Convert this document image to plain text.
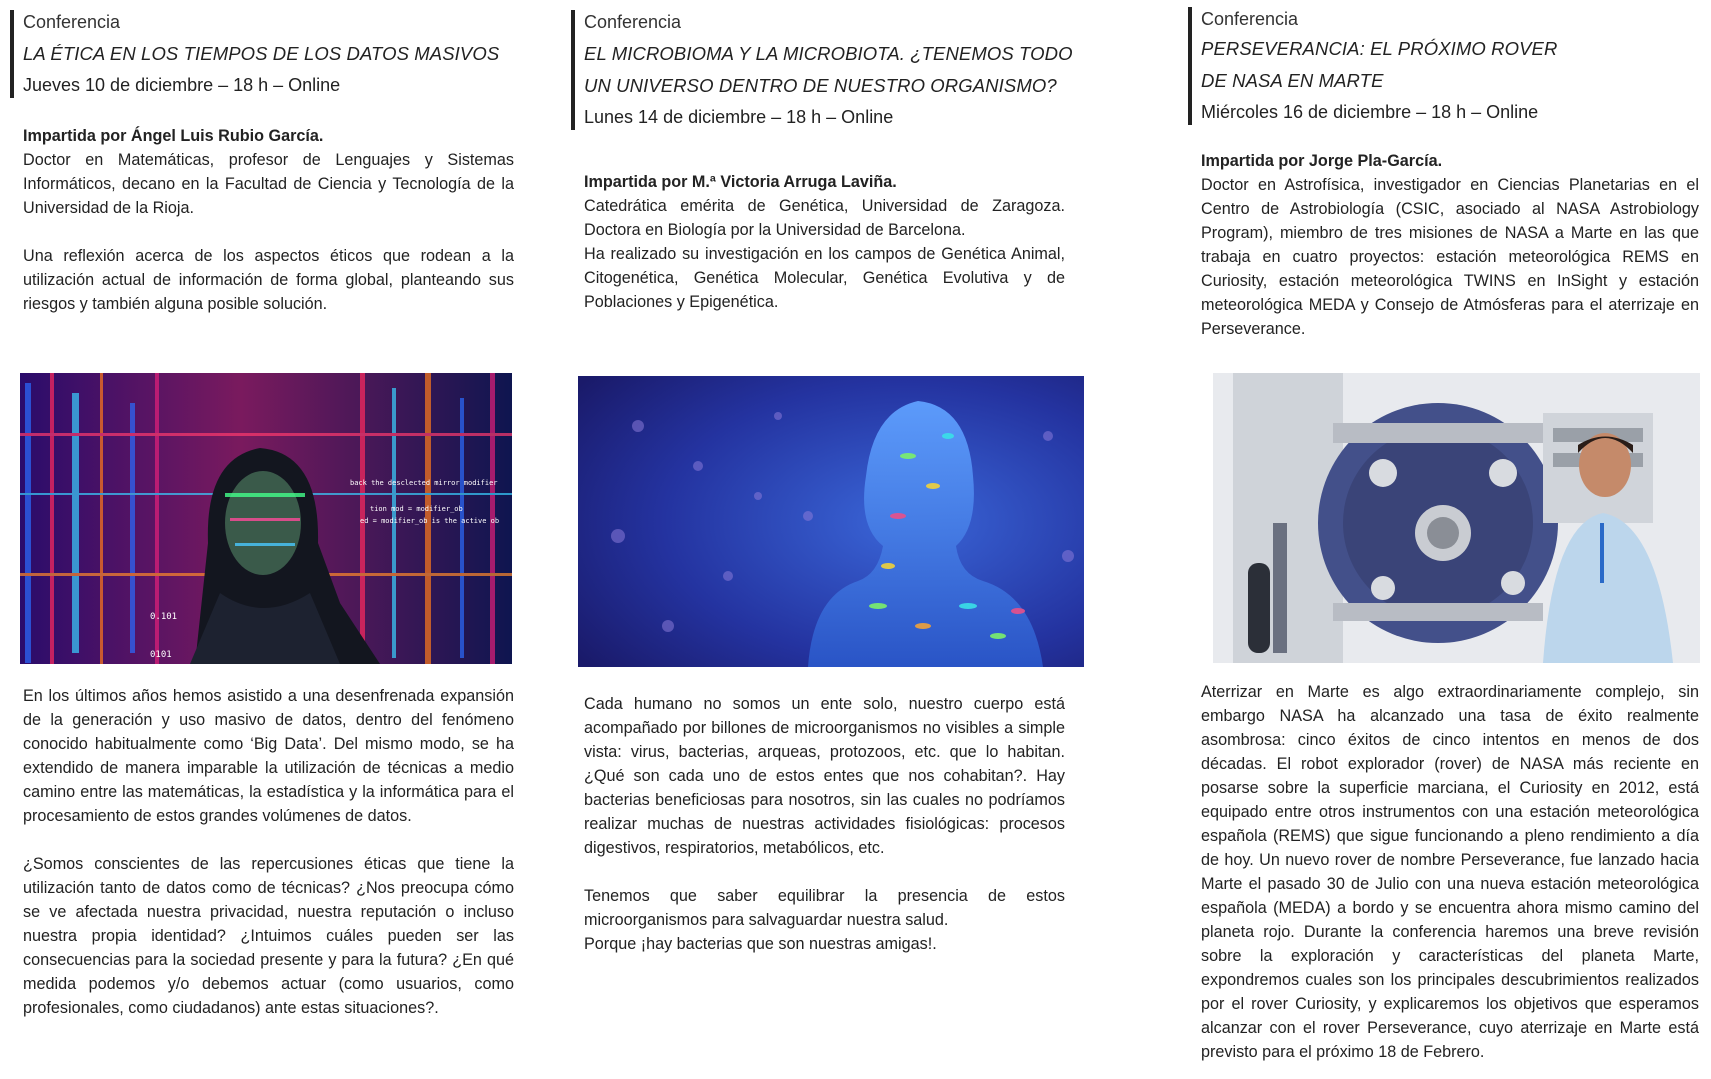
Conferencia
LA ÉTICA EN LOS TIEMPOS DE LOS DATOS MASIVOS
Jueves 10 de diciembre – 18 h – Online

Impartida por Ángel Luis Rubio García.

Doctor en Matemáticas, profesor de Lenguajes y Sistemas Informáticos, decano en la Facultad de Ciencia y Tecnología de la Universidad de la Rioja.

Una reflexión acerca de los aspectos éticos que rodean a la utilización actual de información de forma global, planteando sus riesgos y también alguna posible solución.

En los últimos años hemos asistido a una desenfrenada expansión de la generación y uso masivo de datos, dentro del fenómeno conocido habitualmente como ‘Big Data’. Del mismo modo, se ha extendido de manera imparable la utilización de técnicas a medio camino entre las matemáticas, la estadística y la informática para el procesamiento de estos grandes volúmenes de datos.

¿Somos conscientes de las repercusiones éticas que tiene la utilización tanto de datos como de técnicas? ¿Nos preocupa cómo se ve afectada nuestra privacidad, nuestra reputación o incluso nuestra propia identidad? ¿Intuimos cuáles pueden ser las consecuencias para la sociedad presente y para la futura? ¿En qué medida podemos y/o debemos actuar (como usuarios, como profesionales, como ciudadanos) ante estas situaciones?.

back the desclected mirror modifier
tion mod = modifier_ob
ed = modifier_ob is the active ob
0.101
0101
Conferencia
EL MICROBIOMA Y LA MICROBIOTA. ¿TENEMOS TODO
UN UNIVERSO DENTRO DE NUESTRO ORGANISMO?
Lunes 14 de diciembre – 18 h – Online

Impartida por M.ª Victoria Arruga Laviña.

Catedrática emérita de Genética, Universidad de Zaragoza. Doctora en Biología por la Universidad de Barcelona.

Ha realizado su investigación en los campos de Genética Animal, Citogenética, Genética Molecular, Genética Evolutiva y de Poblaciones y Epigenética.

Cada humano no somos un ente solo, nuestro cuerpo está acompañado por billones de microorganismos no visibles a simple vista: virus, bacterias, arqueas, protozoos, etc. que lo habitan. ¿Qué son cada uno de estos entes que nos cohabitan?. Hay bacterias beneficiosas para nosotros, sin las cuales no podríamos realizar muchas de nuestras actividades fisiológicas: procesos digestivos, respiratorios, metabólicos, etc.

Tenemos que saber equilibrar la presencia de estos microorganismos para salvaguardar nuestra salud.

Porque ¡hay bacterias que son nuestras amigas!.

Conferencia
PERSEVERANCIA: EL PRÓXIMO ROVER
DE NASA EN MARTE
Miércoles 16 de diciembre – 18 h – Online

Impartida por Jorge Pla-García.

Doctor en Astrofísica, investigador en Ciencias Planetarias en el Centro de Astrobiología (CSIC, asociado al NASA Astrobiology Program), miembro de tres misiones de NASA a Marte en las que trabaja en cuatro proyectos: estación meteorológica REMS en Curiosity, estación meteorológica TWINS en InSight y estación meteorológica MEDA y Consejo de Atmósferas para el aterrizaje en Perseverance.

Aterrizar en Marte es algo extraordinariamente complejo, sin embargo NASA ha alcanzado una tasa de éxito realmente asombrosa: cinco éxitos de cinco intentos en menos de dos décadas. El robot explorador (rover) de NASA más reciente en posarse sobre la superficie marciana, el Curiosity en 2012, está equipado entre otros instrumentos con una estación meteorológica española (REMS) que sigue funcionando a pleno rendimiento a día de hoy. Un nuevo rover de nombre Perseverance, fue lanzado hacia Marte el pasado 30 de Julio con una nueva estación meteorológica española (MEDA) a bordo y se encuentra ahora mismo camino del planeta rojo. Durante la conferencia haremos una breve revisión sobre la exploración y características del planeta Marte, expondremos cuales son los principales descubrimientos realizados por el rover Curiosity, y explicaremos los objetivos que esperamos alcanzar con el rover Perseverance, cuyo aterrizaje en Marte está previsto para el próximo 18 de Febrero.
